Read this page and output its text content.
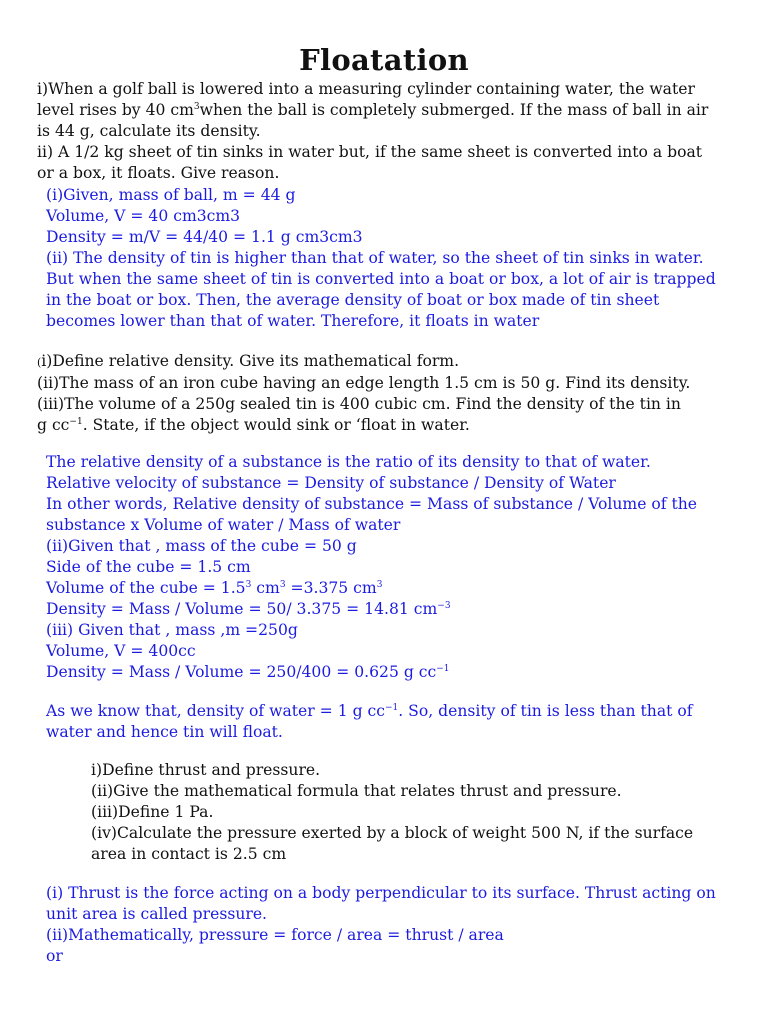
Floatation
i)When a golf ball is lowered into a measuring cylinder containing water, the water
level rises by 40 $cm^3when$ the ball is completely submerged. If the mass of ball in air
is 44 g, calculate its density.
ii) A 1/2 kg sheet of tin sinks in water but, if the same sheet is converted into a boat
or a box, it floats. Give reason.
(i)Given, mass of ball, m = 44 g
Volume, V = 40 cm3cm3
Density = m/V = 44/40 = 1.1 g cm3cm3
(ii) The density of tin is higher than that of water, so the sheet of tin sinks in water.
But when the same sheet of tin is converted into a boat or box, a lot of air is trapped
in the boat or box. Then, the average density of boat or box made of tin sheet
becomes lower than that of water. Therefore, it floats in water
(i)Define relative density. Give its mathematical form.
(ii)The mass of an iron cube having an edge length 1.5 cm is 50 g. Find its density.
(iii)The volume of a 250g sealed tin is 400 cubic cm. Find the density of the tin in
g $cc^{-1}$. State, if the object would sink or ‘float in water.
The relative density of a substance is the ratio of its density to that of water.
Relative velocity of substance = Density of substance / Density of Water
In other words, Relative density of substance = Mass of substance / Volume of the
substance x Volume of water / Mass of water
(ii)Given that , mass of the cube = 50 g
Side of the cube = 1.5 cm
Volume of the cube = $1.5^3$ $cm^3 =3.375$ $cm^3$
Density = Mass / Volume = 50/ 3.375 = 14.81 $cm^{-3}$
(iii) Given that , mass ,m =250g
Volume, V = 400cc
Density = Mass / Volume = 250/400 = 0.625 g $cc^{-1}$
As we know that, density of water = 1 g $cc^{-1}$. So, density of tin is less than that of
water and hence tin will float.
i)Define thrust and pressure.
(ii)Give the mathematical formula that relates thrust and pressure.
(iii)Define 1 Pa.
(iv)Calculate the pressure exerted by a block of weight 500 N, if the surface
area in contact is 2.5 cm
(i) Thrust is the force acting on a body perpendicular to its surface. Thrust acting on
unit area is called pressure.
(ii)Mathematically, pressure = force / area = thrust / area
or
